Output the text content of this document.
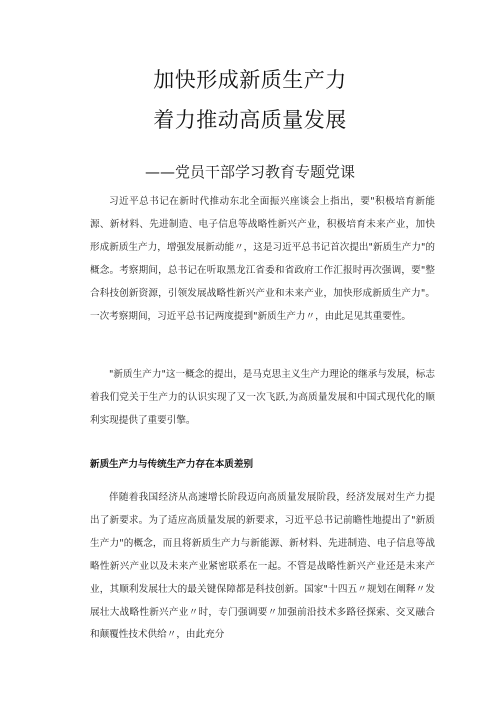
加快形成新质生产力
着力推动高质量发展
——党员干部学习教育专题党课

习近平总书记在新时代推动东北全面振兴座谈会上指出，要"积极培育新能源、新材料、先进制造、电子信息等战略性新兴产业，积极培育未来产业，加快形成新质生产力，增强发展新动能〃，这是习近平总书记首次提出"新质生产力"的概念。考察期间，总书记在听取黑龙江省委和省政府工作汇报时再次强调，要"整合科技创新资源，引领发展战略性新兴产业和未来产业，加快形成新质生产力"。一次考察期间，习近平总书记两度提到"新质生产力〃，由此足见其重要性。

"新质生产力"这一概念的提出，是马克思主义生产力理论的继承与发展，标志着我们党关于生产力的认识实现了又一次飞跃,为高质量发展和中国式现代化的顺利实现提供了重要引擎。

新质生产力与传统生产力存在本质差别

伴随着我国经济从高速增长阶段迈向高质量发展阶段，经济发展对生产力提出了新要求。为了适应高质量发展的新要求，习近平总书记前瞻性地提出了"新质生产力"的概念，而且将新质生产力与新能源、新材料、先进制造、电子信息等战略性新兴产业以及未来产业紧密联系在一起。不管是战略性新兴产业还是未来产业，其顺利发展壮大的最关键保障都是科技创新。国家"十四五〃规划在阐释〃发展壮大战略性新兴产业〃时，专门强调要〃加强前沿技术多路径探索、交叉融合和颠覆性技术供给〃，由此充分
